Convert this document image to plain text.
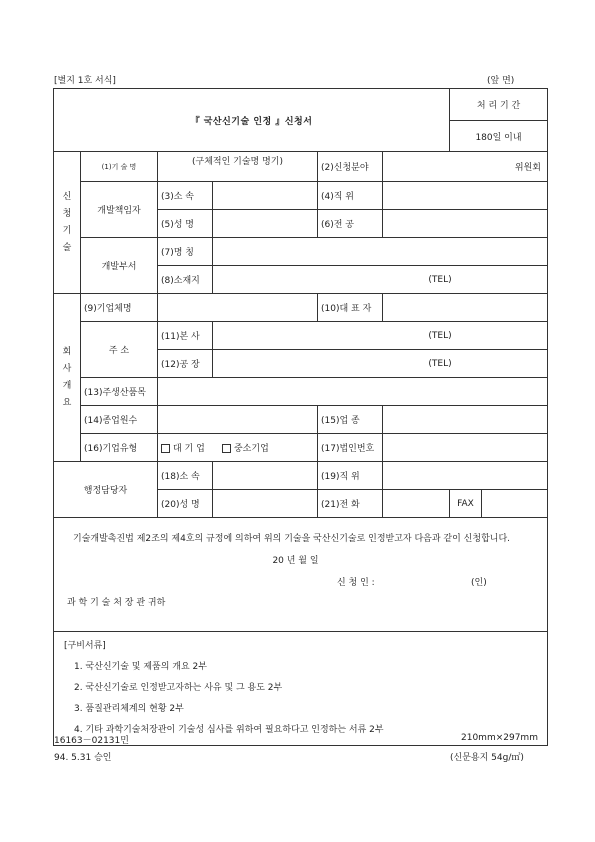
[별지 1호 서식]	(앞 면)
『 국산신기술 인정 』신청서						처 리 기 간	
						180일 이내	
신
청
기
술	(1)기 술 명	(구체적인 기술명 명기)		(2)신청분야	위원회		
	개발책임자	(3)소 속		(4)직 위			
		(5)성 명		(6)전 공			
	개발부서	(7)명 칭					
		(8)소재지	(TEL)				
회
사
개
요	(9)기업체명			(10)대 표 자			
	주 소	(11)본 사	(TEL)				
		(12)공 장	(TEL)				
	(13)주생산품목						
	(14)종업원수			(15)업 종			
	(16)기업유형	대 기 업 중소기업		(17)법인번호			
행정담당자		(18)소 속		(19)직 위			
		(20)성 명		(21)전 화		FAX	

기술개발촉진법 제2조의 제4호의 규정에 의하여 위의 기술을 국산신기술로 인정받고자 다음과 같이 신청합니다.
20 년 월 일
신 청 인 : (인)
과 학 기 술 처 장 관 귀하							

[구비서류]
1. 국산신기술 및 제품의 개요 2부
2. 국산신기술로 인정받고자하는 사유 및 그 용도 2부
3. 품질관리체계의 현황 2부
4. 기타 과학기술처장관이 기술성 심사를 위하여 필요하다고 인정하는 서류 2부							
16163－02131민
94. 5.31 승인
210mm×297mm
(신문용지 54g/㎡)
